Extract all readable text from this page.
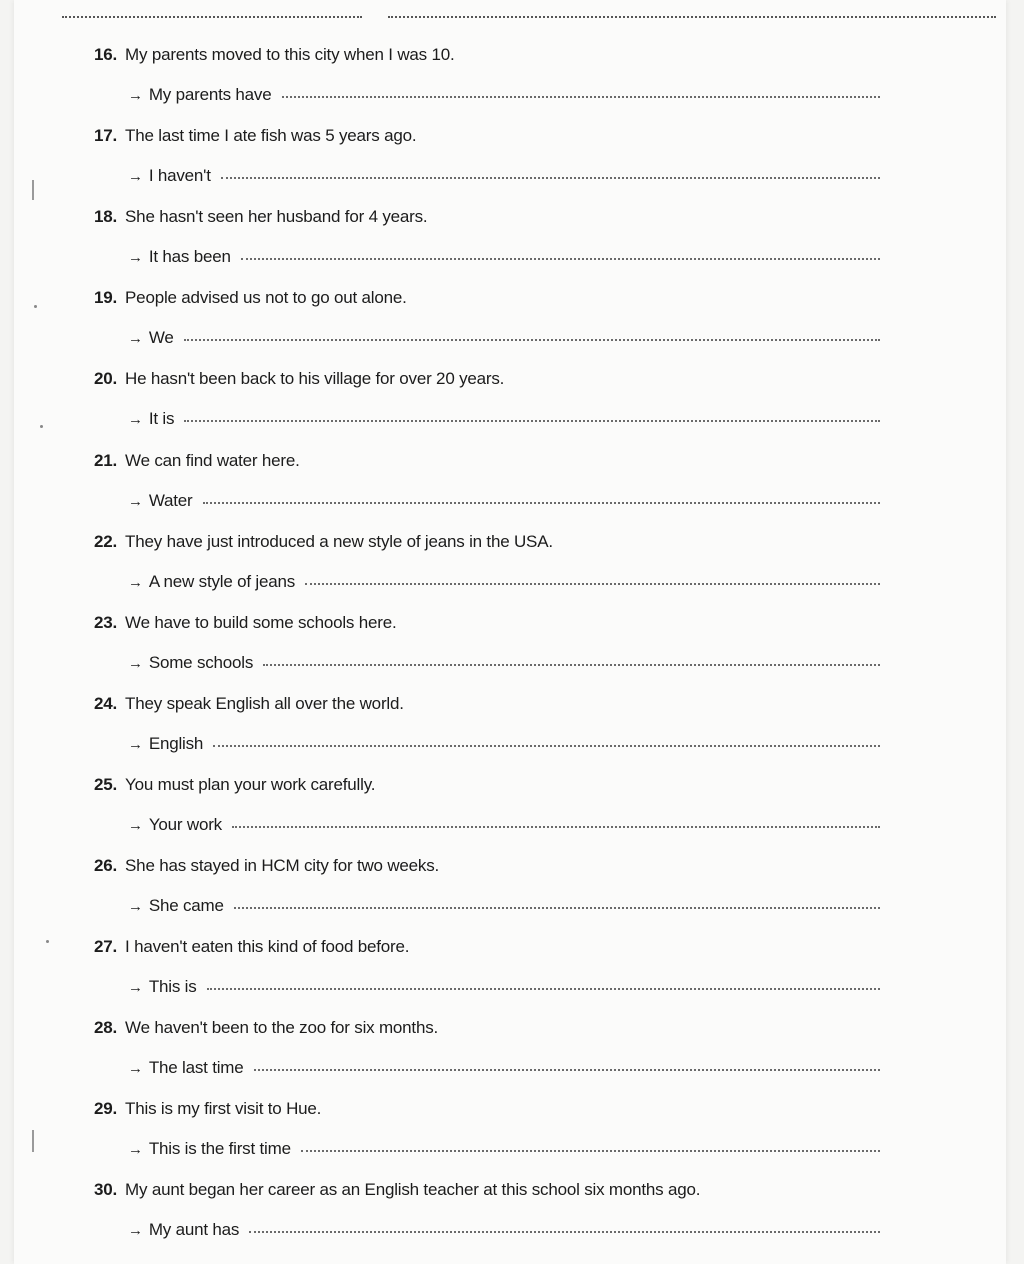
16. My parents moved to this city when I was 10.
→ My parents have
17. The last time I ate fish was 5 years ago.
→ I haven't
18. She hasn't seen her husband for 4 years.
→ It has been
19. People advised us not to go out alone.
→ We
20. He hasn't been back to his village for over 20 years.
→ It is
21. We can find water here.
→ Water
22. They have just introduced a new style of jeans in the USA.
→ A new style of jeans
23. We have to build some schools here.
→ Some schools
24. They speak English all over the world.
→ English
25. You must plan your work carefully.
→ Your work
26. She has stayed in HCM city for two weeks.
→ She came
27. I haven't eaten this kind of food before.
→ This is
28. We haven't been to the zoo for six months.
→ The last time
29. This is my first visit to Hue.
→ This is the first time
30. My aunt began her career as an English teacher at this school six months ago.
→ My aunt has
